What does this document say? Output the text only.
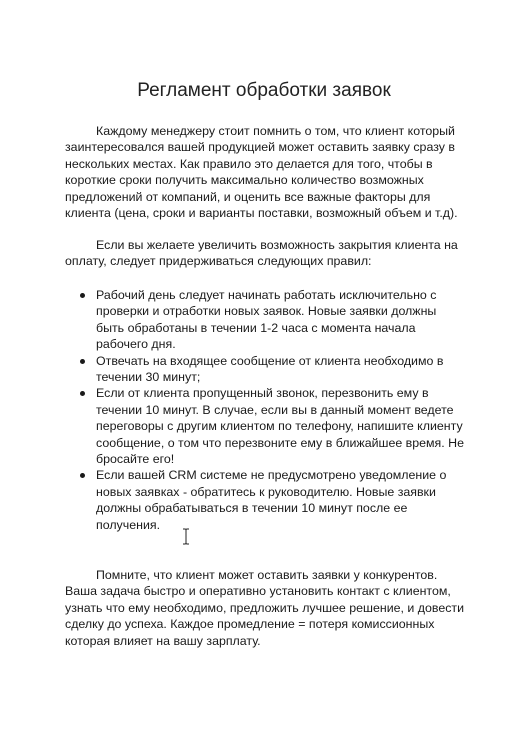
Регламент обработки заявок

Каждому менеджеру стоит помнить о том, что клиент который заинтересовался вашей продукцией может оставить заявку сразу в нескольких местах. Как правило это делается для того, чтобы в короткие сроки получить максимально количество возможных предложений от компаний, и оценить все важные факторы для клиента (цена, сроки и варианты поставки, возможный объем и т.д).

Если вы желаете увеличить возможность закрытия клиента на оплату, следует придерживаться следующих правил:

Рабочий день следует начинать работать исключительно с проверки и отработки новых заявок. Новые заявки должны быть обработаны в течении 1-2 часа с момента начала рабочего дня.
Отвечать на входящее сообщение от клиента необходимо в течении 30 минут;
Если от клиента пропущенный звонок, перезвонить ему в течении 10 минут. В случае, если вы в данный момент ведете переговоры с другим клиентом по телефону, напишите клиенту сообщение, о том что перезвоните ему в ближайшее время. Не бросайте его!
Если вашей CRM системе не предусмотрено уведомление о новых заявках - обратитесь к руководителю. Новые заявки должны обрабатываться в течении 10 минут после ее получения.

Помните, что клиент может оставить заявки у конкурентов. Ваша задача быстро и оперативно установить контакт с клиентом, узнать что ему необходимо, предложить лучшее решение, и довести сделку до успеха. Каждое промедление = потеря комиссионных которая влияет на вашу зарплату.
